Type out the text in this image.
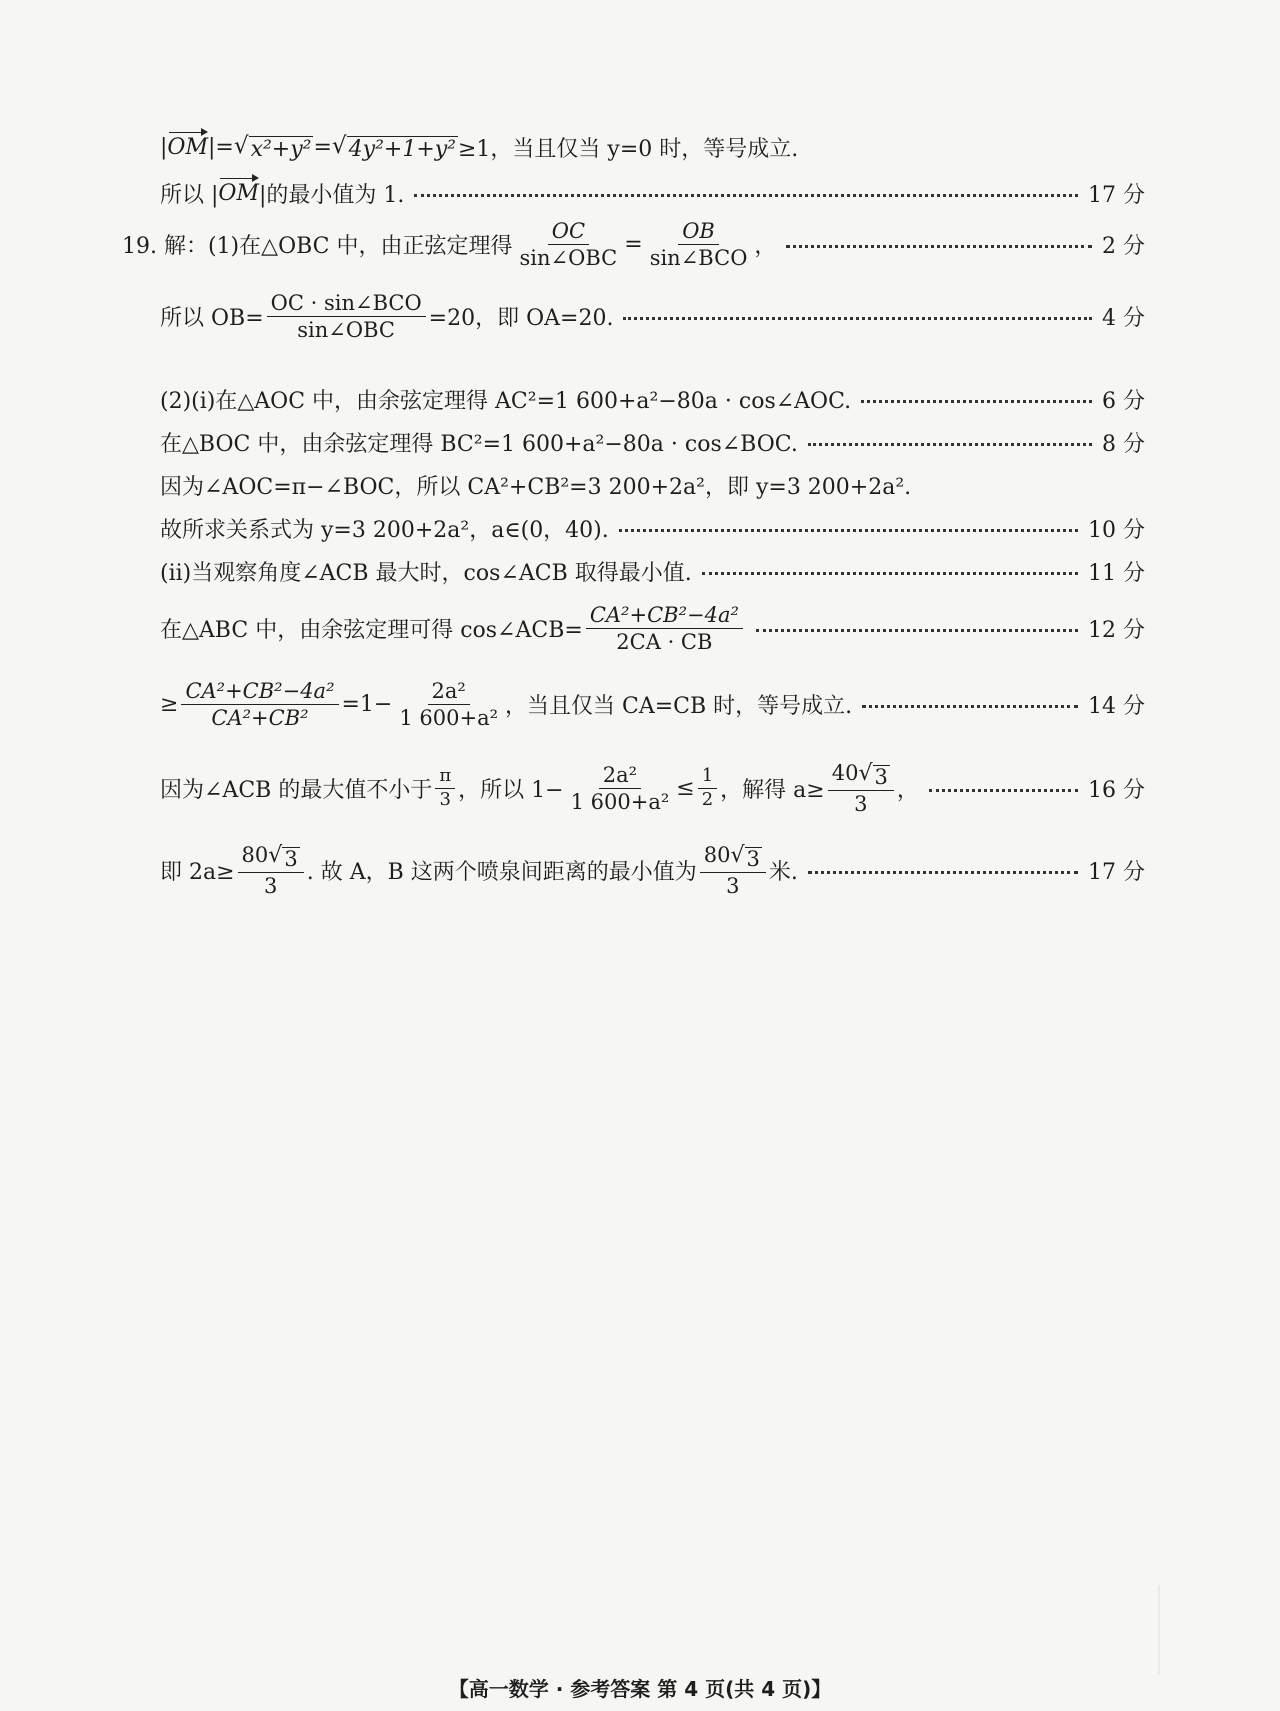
| OM | = √ x²+y² = √ 4y²+1+y² ≥1，当且仅当 y=0 时，等号成立.
所以 | OM |的最小值为 1.	17 分
19. 解：(1)在△OBC 中，由正弦定理得 $\frac{OC}{\text{sin∠OBC}} = \frac{OB}{\text{sin∠BCO}}$ ，	2 分
所以 $OB= \frac{\text{OC · sin∠BCO}}{\text{sin∠OBC}} =20$，即 OA=20.	4 分
(2)(ⅰ)在△AOC 中，由余弦定理得 AC²=1 600+a²−80a · cos∠AOC.	6 分
在△BOC 中，由余弦定理得 BC²=1 600+a²−80a · cos∠BOC.	8 分
因为∠AOC=π−∠BOC，所以 CA²+CB²=3 200+2a²，即 y=3 200+2a².
故所求关系式为 y=3 200+2a²，a∈(0，40).	10 分
(ⅱ)当观察角度∠ACB 最大时，cos∠ACB 取得最小值.	11 分
在△ABC 中，由余弦定理可得 cos∠ACB= $\frac{\text{CA²+CB²−4a²}}{2CA \cdot CB}$	12 分
≥ $\frac{\text{CA²+CB²−4a²}}{\text{CA²+CB²}} =1- \frac{\text{2a²}}{\text{1 600+a²}}$ ，当且仅当 CA=CB 时，等号成立.	14 分
因为∠ACB 的最大值不小于 $\frac{\pi}{3}$ ，所以 $1- \frac{\text{2a²}}{\text{1 600+a²}} \le \frac{1}{2}$ ，解得 $a\ge \frac{40 √ 3}{3}$ ，	16 分
即 $2a\ge \frac{80 √ 3}{3}$ . 故 A，B 这两个喷泉间距离的最小值为 $\frac{80 √ 3}{3}$ 米.	17 分
【高一数学 · 参考答案 第 4 页(共 4 页)】
